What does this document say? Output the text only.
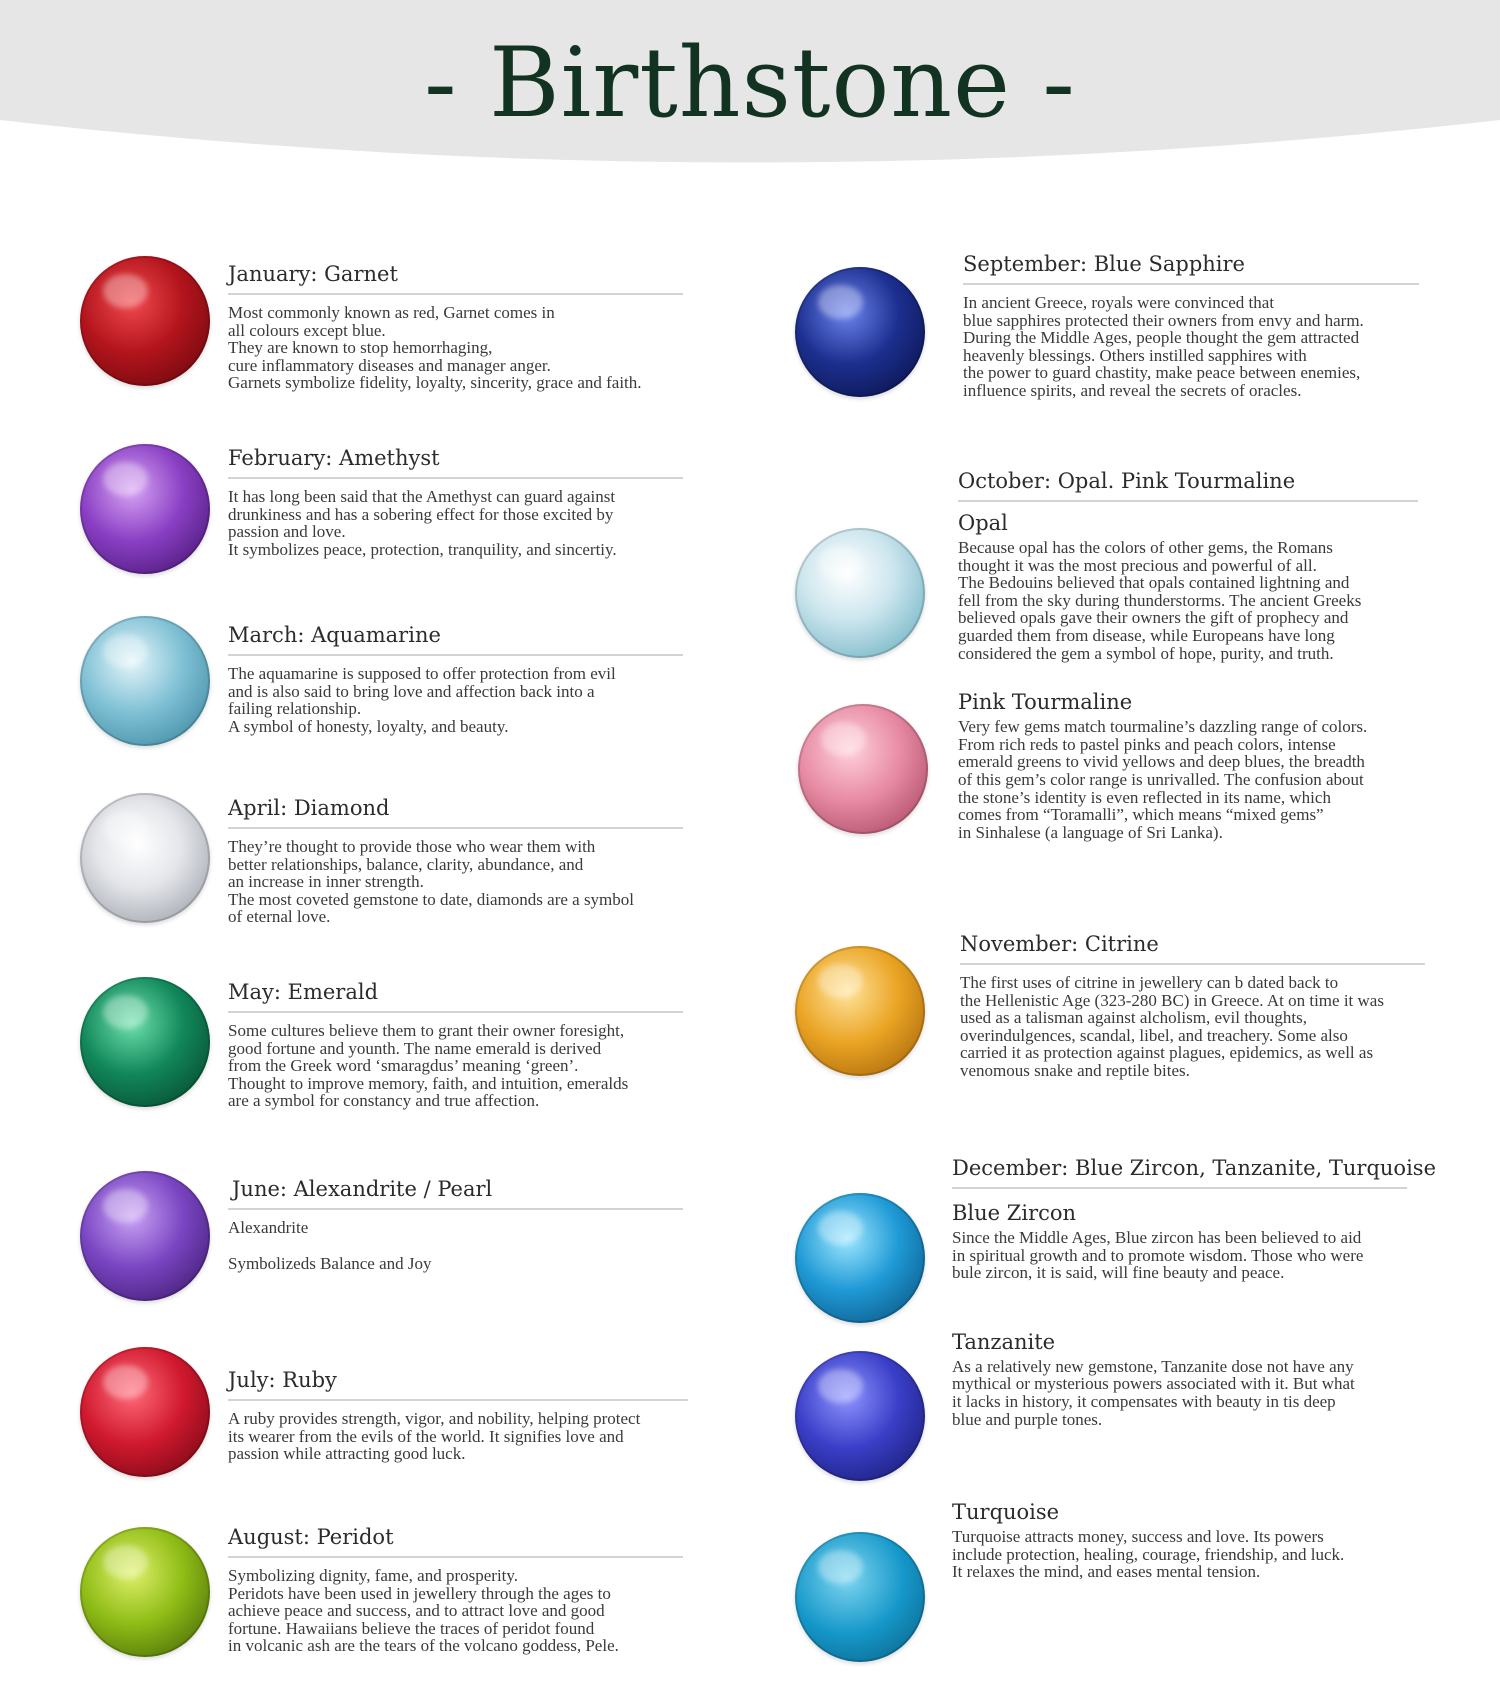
- Birthstone -
January: Garnet

Most commonly known as red, Garnet comes in
all colours except blue.
They are known to stop hemorrhaging,
cure inflammatory diseases and manager anger.
Garnets symbolize fidelity, loyalty, sincerity, grace and faith.

February: Amethyst

It has long been said that the Amethyst can guard against
drunkiness and has a sobering effect for those excited by
passion and love.
It symbolizes peace, protection, tranquility, and sincertiy.

March: Aquamarine

The aquamarine is supposed to offer protection from evil
and is also said to bring love and affection back into a
failing relationship.
A symbol of honesty, loyalty, and beauty.

April: Diamond

They’re thought to provide those who wear them with
better relationships, balance, clarity, abundance, and
an increase in inner strength.
The most coveted gemstone to date, diamonds are a symbol
of eternal love.

May: Emerald

Some cultures believe them to grant their owner foresight,
good fortune and younth. The name emerald is derived
from the Greek word ‘smaragdus’ meaning ‘green’.
Thought to improve memory, faith, and intuition, emeralds
are a symbol for constancy and true affection.

June: Alexandrite / Pearl

Alexandrite

Symbolizeds Balance and Joy

July: Ruby

A ruby provides strength, vigor, and nobility, helping protect
its wearer from the evils of the world. It signifies love and
passion while attracting good luck.

August: Peridot

Symbolizing dignity, fame, and prosperity.
Peridots have been used in jewellery through the ages to
achieve peace and success, and to attract love and good
fortune. Hawaiians believe the traces of peridot found
in volcanic ash are the tears of the volcano goddess, Pele.

September: Blue Sapphire

In ancient Greece, royals were convinced that
blue sapphires protected their owners from envy and harm.
During the Middle Ages, people thought the gem attracted
heavenly blessings. Others instilled sapphires with
the power to guard chastity, make peace between enemies,
influence spirits, and reveal the secrets of oracles.

October: Opal. Pink Tourmaline
Opal

Because opal has the colors of other gems, the Romans
thought it was the most precious and powerful of all.
The Bedouins believed that opals contained lightning and
fell from the sky during thunderstorms. The ancient Greeks
believed opals gave their owners the gift of prophecy and
guarded them from disease, while Europeans have long
considered the gem a symbol of hope, purity, and truth.

Pink Tourmaline

Very few gems match tourmaline’s dazzling range of colors.
From rich reds to pastel pinks and peach colors, intense
emerald greens to vivid yellows and deep blues, the breadth
of this gem’s color range is unrivalled. The confusion about
the stone’s identity is even reflected in its name, which
comes from “Toramalli”, which means “mixed gems”
in Sinhalese (a language of Sri Lanka).

November: Citrine

The first uses of citrine in jewellery can b dated back to
the Hellenistic Age (323-280 BC) in Greece. At on time it was
used as a talisman against alcholism, evil thoughts,
overindulgences, scandal, libel, and treachery. Some also
carried it as protection against plagues, epidemics, as well as
venomous snake and reptile bites.

December: Blue Zircon, Tanzanite, Turquoise
Blue Zircon

Since the Middle Ages, Blue zircon has been believed to aid
in spiritual growth and to promote wisdom. Those who were
bule zircon, it is said, will fine beauty and peace.

Tanzanite

As a relatively new gemstone, Tanzanite dose not have any
mythical or mysterious powers associated with it. But what
it lacks in history, it compensates with beauty in tis deep
blue and purple tones.

Turquoise

Turquoise attracts money, success and love. Its powers
include protection, healing, courage, friendship, and luck.
It relaxes the mind, and eases mental tension.
